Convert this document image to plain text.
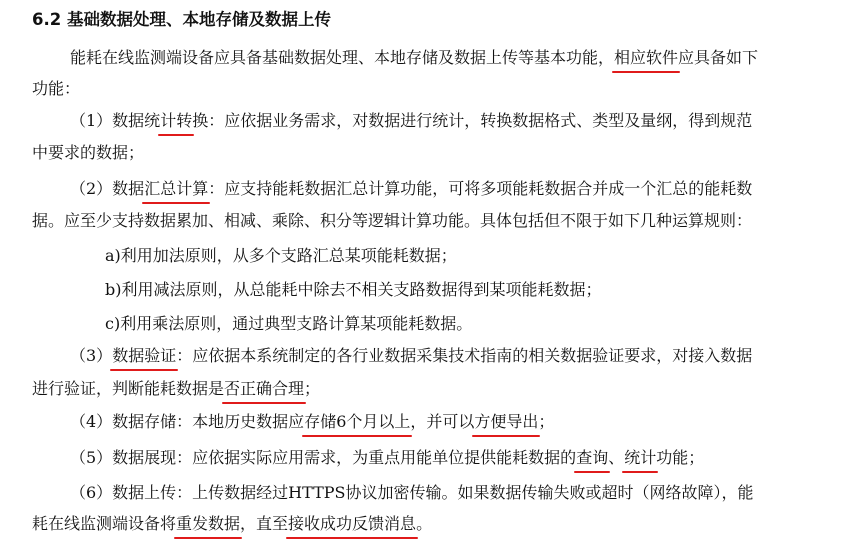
6.2 基础数据处理、本地存储及数据上传
能耗在线监测端设备应具备基础数据处理、本地存储及数据上传等基本功能，相应软件应具备如下
功能：
（1）数据统计转换：应依据业务需求，对数据进行统计，转换数据格式、类型及量纲，得到规范
中要求的数据；
（2）数据汇总计算：应支持能耗数据汇总计算功能，可将多项能耗数据合并成一个汇总的能耗数
据。应至少支持数据累加、相减、乘除、积分等逻辑计算功能。具体包括但不限于如下几种运算规则：
a)利用加法原则，从多个支路汇总某项能耗数据；
b)利用减法原则，从总能耗中除去不相关支路数据得到某项能耗数据；
c)利用乘法原则，通过典型支路计算某项能耗数据。
（3）数据验证：应依据本系统制定的各行业数据采集技术指南的相关数据验证要求，对接入数据
进行验证，判断能耗数据是否正确合理；
（4）数据存储：本地历史数据应存储6个月以上，并可以方便导出；
（5）数据展现：应依据实际应用需求，为重点用能单位提供能耗数据的查询、统计功能；
（6）数据上传：上传数据经过HTTPS协议加密传输。如果数据传输失败或超时（网络故障），能
耗在线监测端设备将重发数据，直至接收成功反馈消息。
